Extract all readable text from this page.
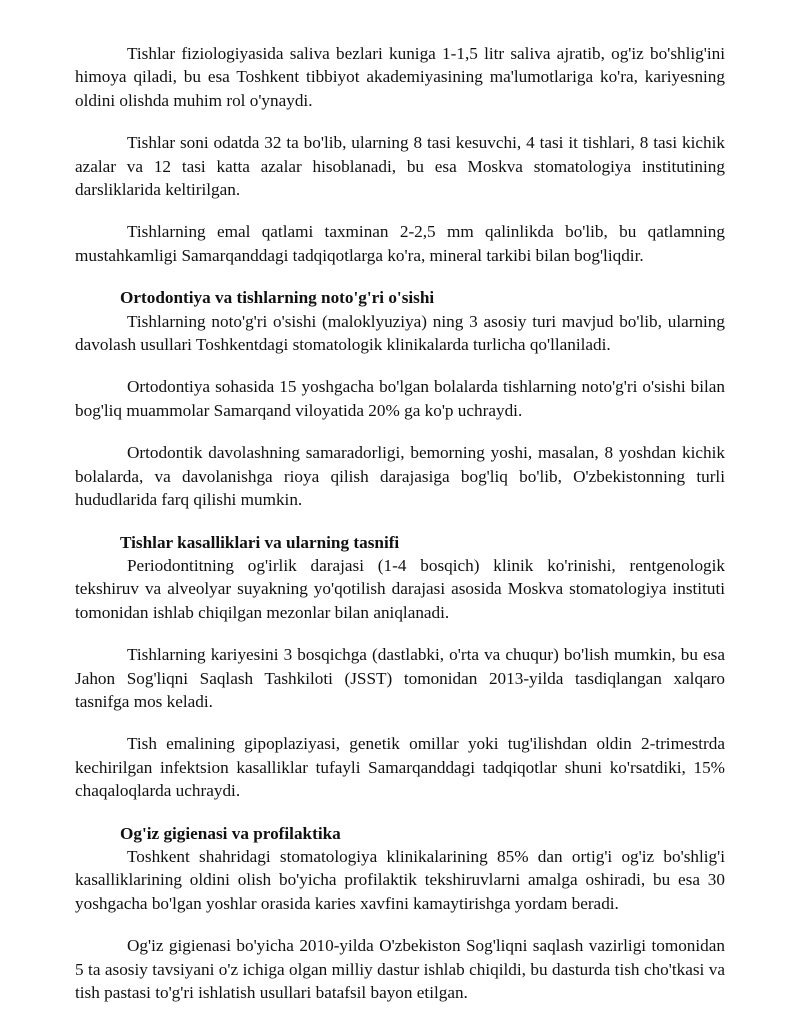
Tishlar fiziologiyasida saliva bezlari kuniga 1-1,5 litr saliva ajratib, og'iz bo'shlig'ini himoya qiladi, bu esa Toshkent tibbiyot akademiyasining ma'lumotlariga ko'ra, kariyesning oldini olishda muhim rol o'ynaydi.

Tishlar soni odatda 32 ta bo'lib, ularning 8 tasi kesuvchi, 4 tasi it tishlari, 8 tasi kichik azalar va 12 tasi katta azalar hisoblanadi, bu esa Moskva stomatologiya institutining darsliklarida keltirilgan.

Tishlarning emal qatlami taxminan 2-2,5 mm qalinlikda bo'lib, bu qatlamning mustahkamligi Samarqanddagi tadqiqotlarga ko'ra, mineral tarkibi bilan bog'liqdir.

Ortodontiya va tishlarning noto'g'ri o'sishi

Tishlarning noto'g'ri o'sishi (maloklyuziya) ning 3 asosiy turi mavjud bo'lib, ularning davolash usullari Toshkentdagi stomatologik klinikalarda turlicha qo'llaniladi.

Ortodontiya sohasida 15 yoshgacha bo'lgan bolalarda tishlarning noto'g'ri o'sishi bilan bog'liq muammolar Samarqand viloyatida 20% ga ko'p uchraydi.

Ortodontik davolashning samaradorligi, bemorning yoshi, masalan, 8 yoshdan kichik bolalarda, va davolanishga rioya qilish darajasiga bog'liq bo'lib, O'zbekistonning turli hududlarida farq qilishi mumkin.

Tishlar kasalliklari va ularning tasnifi

Periodontitning og'irlik darajasi (1-4 bosqich) klinik ko'rinishi, rentgenologik tekshiruv va alveolyar suyakning yo'qotilish darajasi asosida Moskva stomatologiya instituti tomonidan ishlab chiqilgan mezonlar bilan aniqlanadi.

Tishlarning kariyesini 3 bosqichga (dastlabki, o'rta va chuqur) bo'lish mumkin, bu esa Jahon Sog'liqni Saqlash Tashkiloti (JSST) tomonidan 2013-yilda tasdiqlangan xalqaro tasnifga mos keladi.

Tish emalining gipoplaziyasi, genetik omillar yoki tug'ilishdan oldin 2-trimestrda kechirilgan infektsion kasalliklar tufayli Samarqanddagi tadqiqotlar shuni ko'rsatdiki, 15% chaqaloqlarda uchraydi.

Og'iz gigienasi va profilaktika

Toshkent shahridagi stomatologiya klinikalarining 85% dan ortig'i og'iz bo'shlig'i kasalliklarining oldini olish bo'yicha profilaktik tekshiruvlarni amalga oshiradi, bu esa 30 yoshgacha bo'lgan yoshlar orasida karies xavfini kamaytirishga yordam beradi.

Og'iz gigienasi bo'yicha 2010-yilda O'zbekiston Sog'liqni saqlash vazirligi tomonidan 5 ta asosiy tavsiyani o'z ichiga olgan milliy dastur ishlab chiqildi, bu dasturda tish cho'tkasi va tish pastasi to'g'ri ishlatish usullari batafsil bayon etilgan.
